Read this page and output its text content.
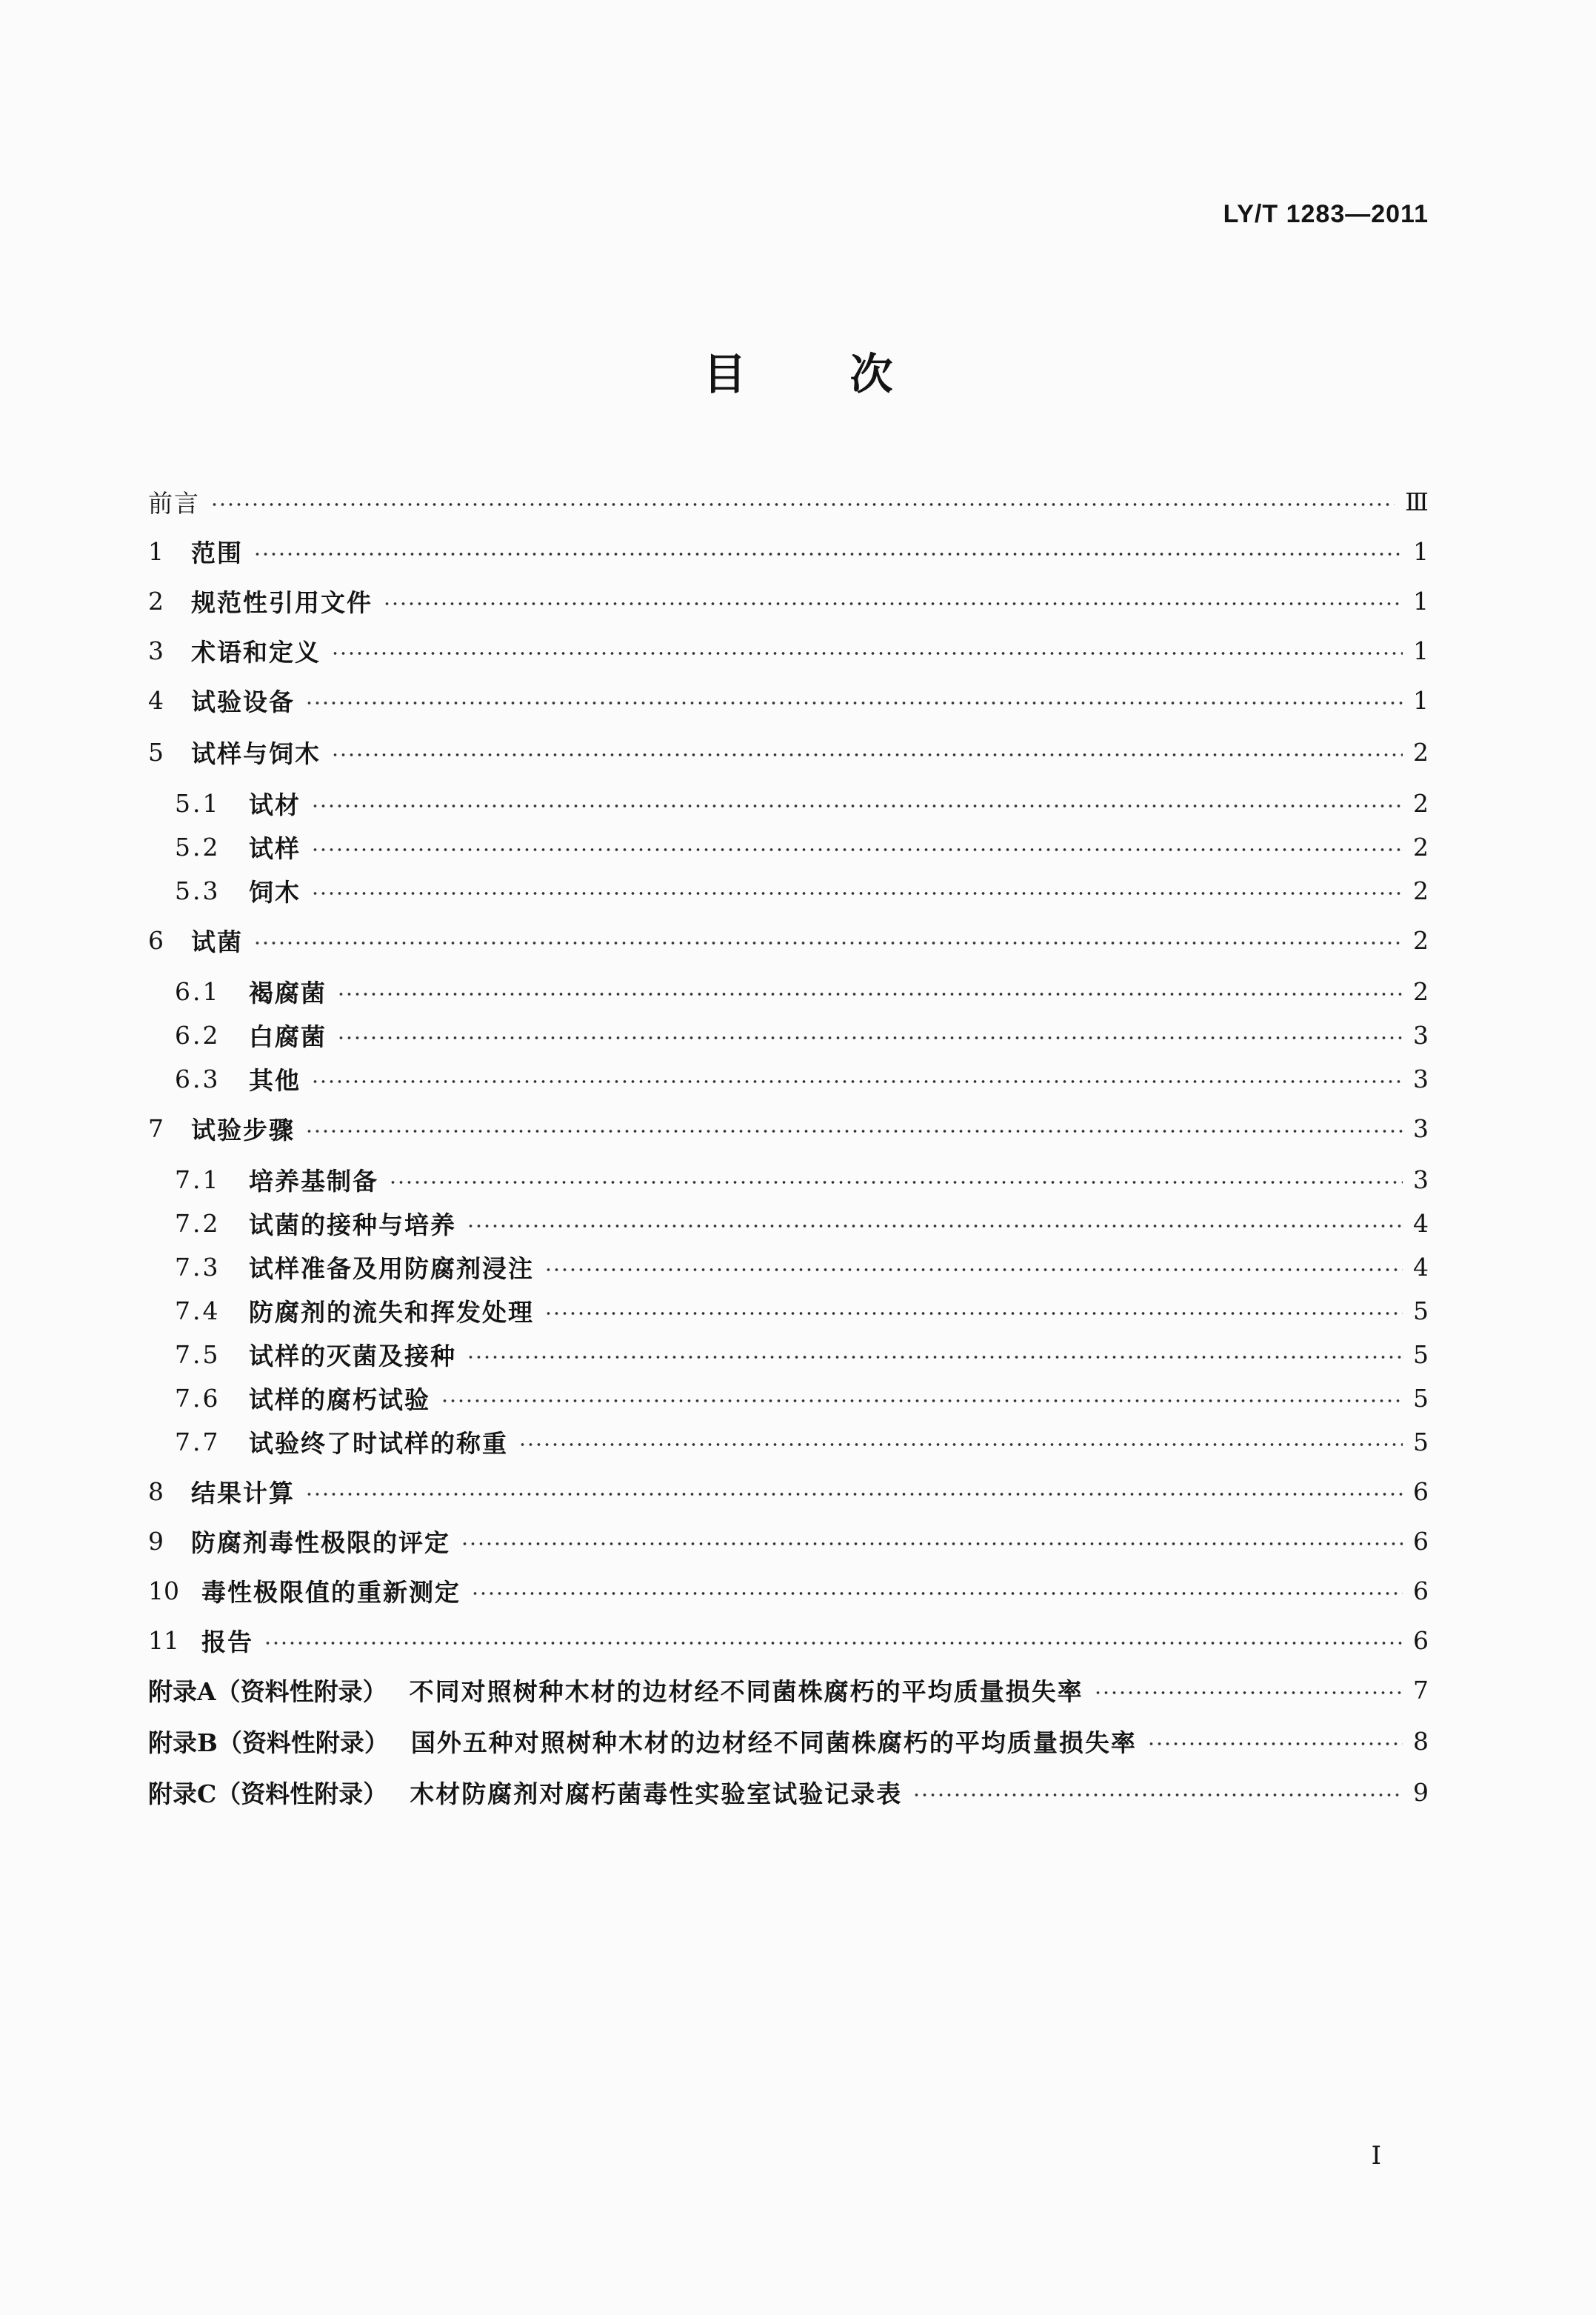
LY/T 1283—2011
目次
前言	Ⅲ
1	范围	1
2	规范性引用文件	1
3	术语和定义	1
4	试验设备	1
5	试样与饲木	2
5.1	试材	2
5.2	试样	2
5.3	饲木	2
6	试菌	2
6.1	褐腐菌	2
6.2	白腐菌	3
6.3	其他	3
7	试验步骤	3
7.1	培养基制备	3
7.2	试菌的接种与培养	4
7.3	试样准备及用防腐剂浸注	4
7.4	防腐剂的流失和挥发处理	5
7.5	试样的灭菌及接种	5
7.6	试样的腐朽试验	5
7.7	试验终了时试样的称重	5
8	结果计算	6
9	防腐剂毒性极限的评定	6
10 毒性极限值的重新测定	6
11 报告	6
附录A（资料性附录） 不同对照树种木材的边材经不同菌株腐朽的平均质量损失率	7
附录B（资料性附录） 国外五种对照树种木材的边材经不同菌株腐朽的平均质量损失率	8
附录C（资料性附录） 木材防腐剂对腐朽菌毒性实验室试验记录表	9
I
